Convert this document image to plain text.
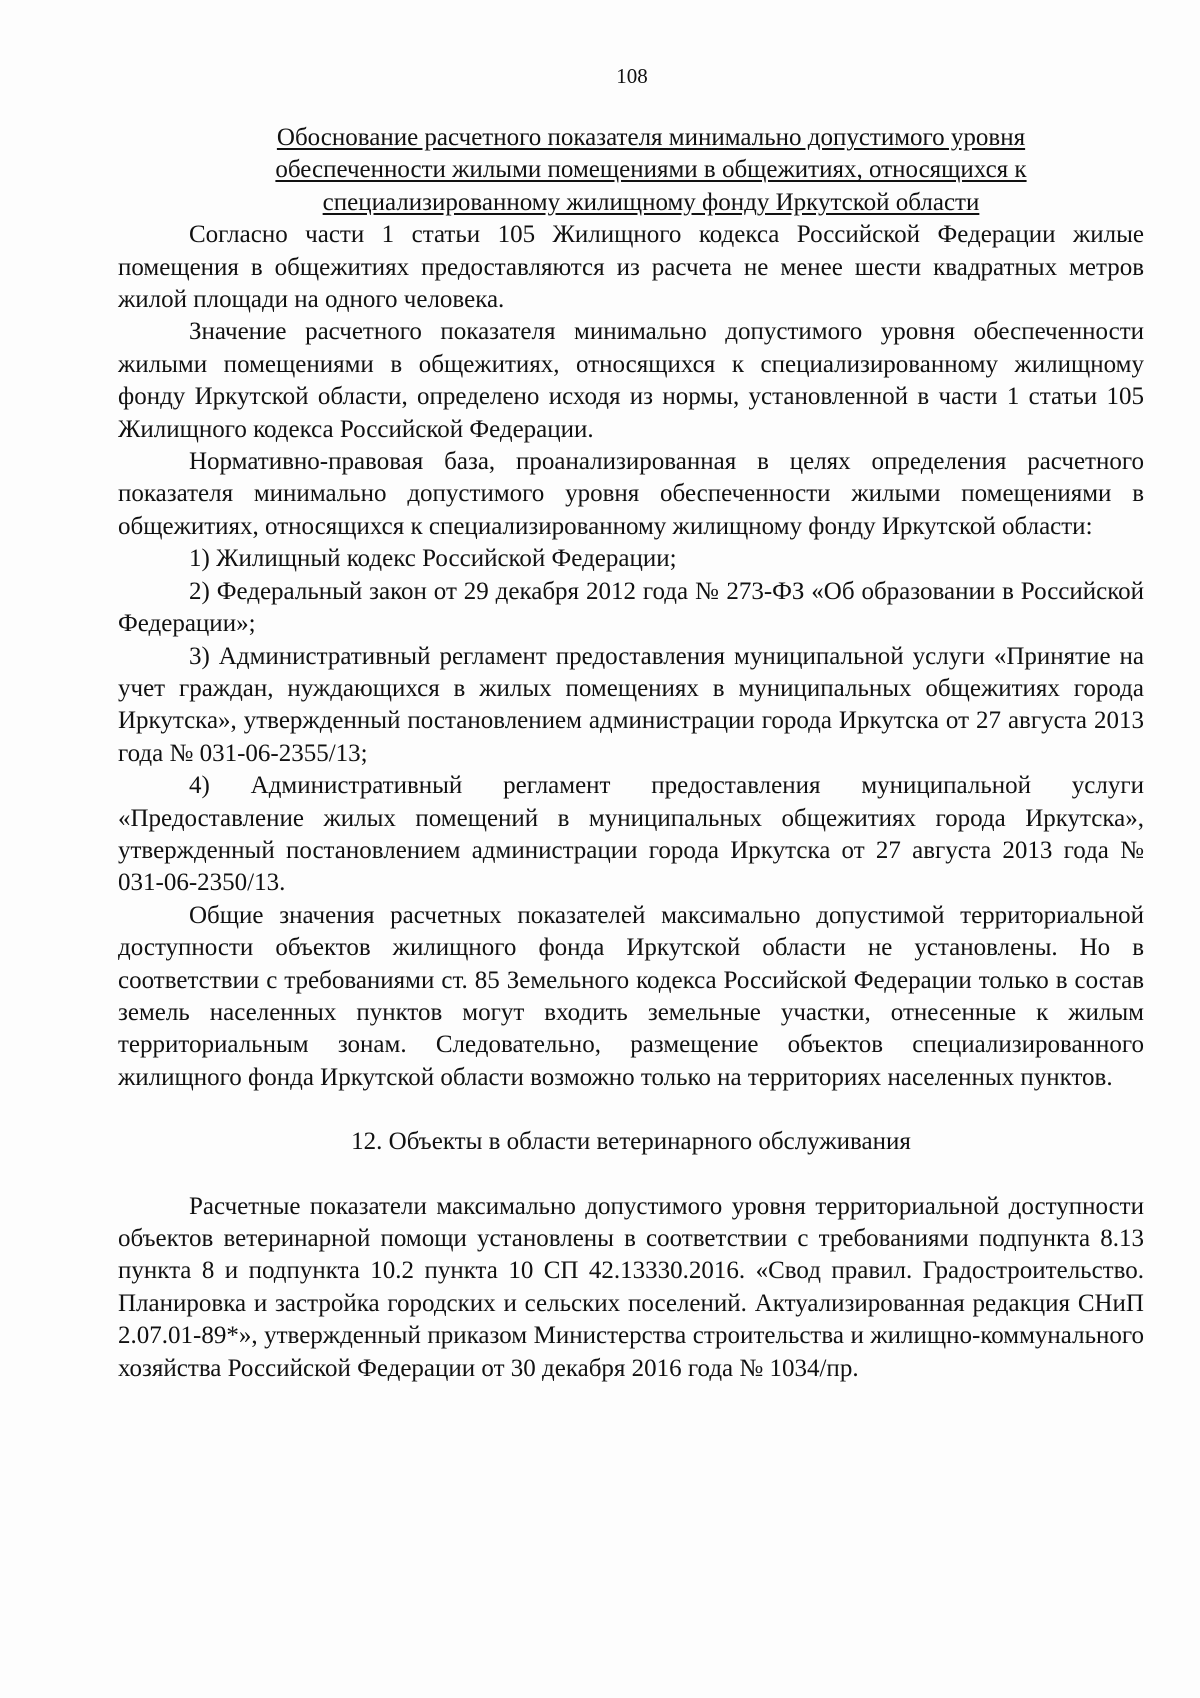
108
Обоснование расчетного показателя минимально допустимого уровня
обеспеченности жилыми помещениями в общежитиях, относящихся к
специализированному жилищному фонду Иркутской области

Согласно части 1 статьи 105 Жилищного кодекса Российской Федерации жилые помещения в общежитиях предоставляются из расчета не менее шести квадратных метров жилой площади на одного человека.

Значение расчетного показателя минимально допустимого уровня обеспеченности жилыми помещениями в общежитиях, относящихся к специализированному жилищному фонду Иркутской области, определено исходя из нормы, установленной в части 1 статьи 105 Жилищного кодекса Российской Федерации.

Нормативно-правовая база, проанализированная в целях определения расчетного показателя минимально допустимого уровня обеспеченности жилыми помещениями в общежитиях, относящихся к специализированному жилищному фонду Иркутской области:

1) Жилищный кодекс Российской Федерации;

2) Федеральный закон от 29 декабря 2012 года № 273-ФЗ «Об образовании в Российской Федерации»;

3) Административный регламент предоставления муниципальной услуги «Принятие на учет граждан, нуждающихся в жилых помещениях в муниципальных общежитиях города Иркутска», утвержденный постановлением администрации города Иркутска от 27 августа 2013 года № 031-06-2355/13;

4) Административный регламент предоставления муниципальной услуги «Предоставление жилых помещений в муниципальных общежитиях города Иркутска», утвержденный постановлением администрации города Иркутска от 27 августа 2013 года № 031-06-2350/13.

Общие значения расчетных показателей максимально допустимой территориальной доступности объектов жилищного фонда Иркутской области не установлены. Но в соответствии с требованиями ст. 85 Земельного кодекса Российской Федерации только в состав земель населенных пунктов могут входить земельные участки, отнесенные к жилым территориальным зонам. Следовательно, размещение объектов специализированного жилищного фонда Иркутской области возможно только на территориях населенных пунктов.

12. Объекты в области ветеринарного обслуживания

Расчетные показатели максимально допустимого уровня территориальной доступности объектов ветеринарной помощи установлены в соответствии с требованиями подпункта 8.13 пункта 8 и подпункта 10.2 пункта 10 СП 42.13330.2016. «Свод правил. Градостроительство. Планировка и застройка городских и сельских поселений. Актуализированная редакция СНиП 2.07.01-89*», утвержденный приказом Министерства строительства и жилищно-коммунального хозяйства Российской Федерации от 30 декабря 2016 года № 1034/пр.
